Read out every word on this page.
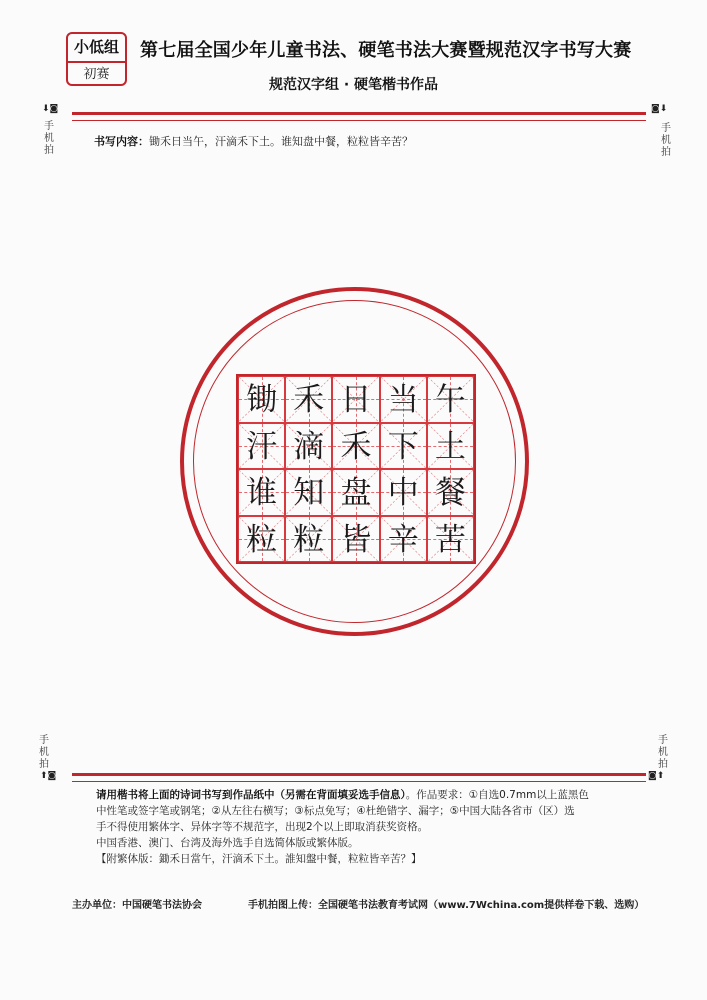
小低组
初赛
第七届全国少年儿童书法、硬笔书法大赛暨规范汉字书写大赛
规范汉字组 · 硬笔楷书作品
⬇◙
手
机
拍
◙⬇
手
机
拍
手
机
拍
⬆◙
手
机
拍
◙⬆
书写内容：锄禾日当午，汗滴禾下土。谁知盘中餐，粒粒皆辛苦？
锄 禾 日 当 午
汗 滴 禾 下 土
谁 知 盘 中 餐
粒 粒 皆 辛 苦
请用楷书将上面的诗词书写到作品纸中（另需在背面填妥选手信息）。作品要求：①自选0.7mm以上蓝黑色
中性笔或签字笔或钢笔；②从左往右横写；③标点免写；④杜绝错字、漏字；⑤中国大陆各省市（区）选
手不得使用繁体字、异体字等不规范字，出现2个以上即取消获奖资格。
中国香港、澳门、台湾及海外选手自选简体版或繁体版。
【附繁体版：鋤禾日當午，汗滴禾下土。誰知盤中餐，粒粒皆辛苦？】
主办单位：中国硬笔书法协会	手机拍图上传：全国硬笔书法教育考试网（www.7Wchina.com提供样卷下载、选购）
